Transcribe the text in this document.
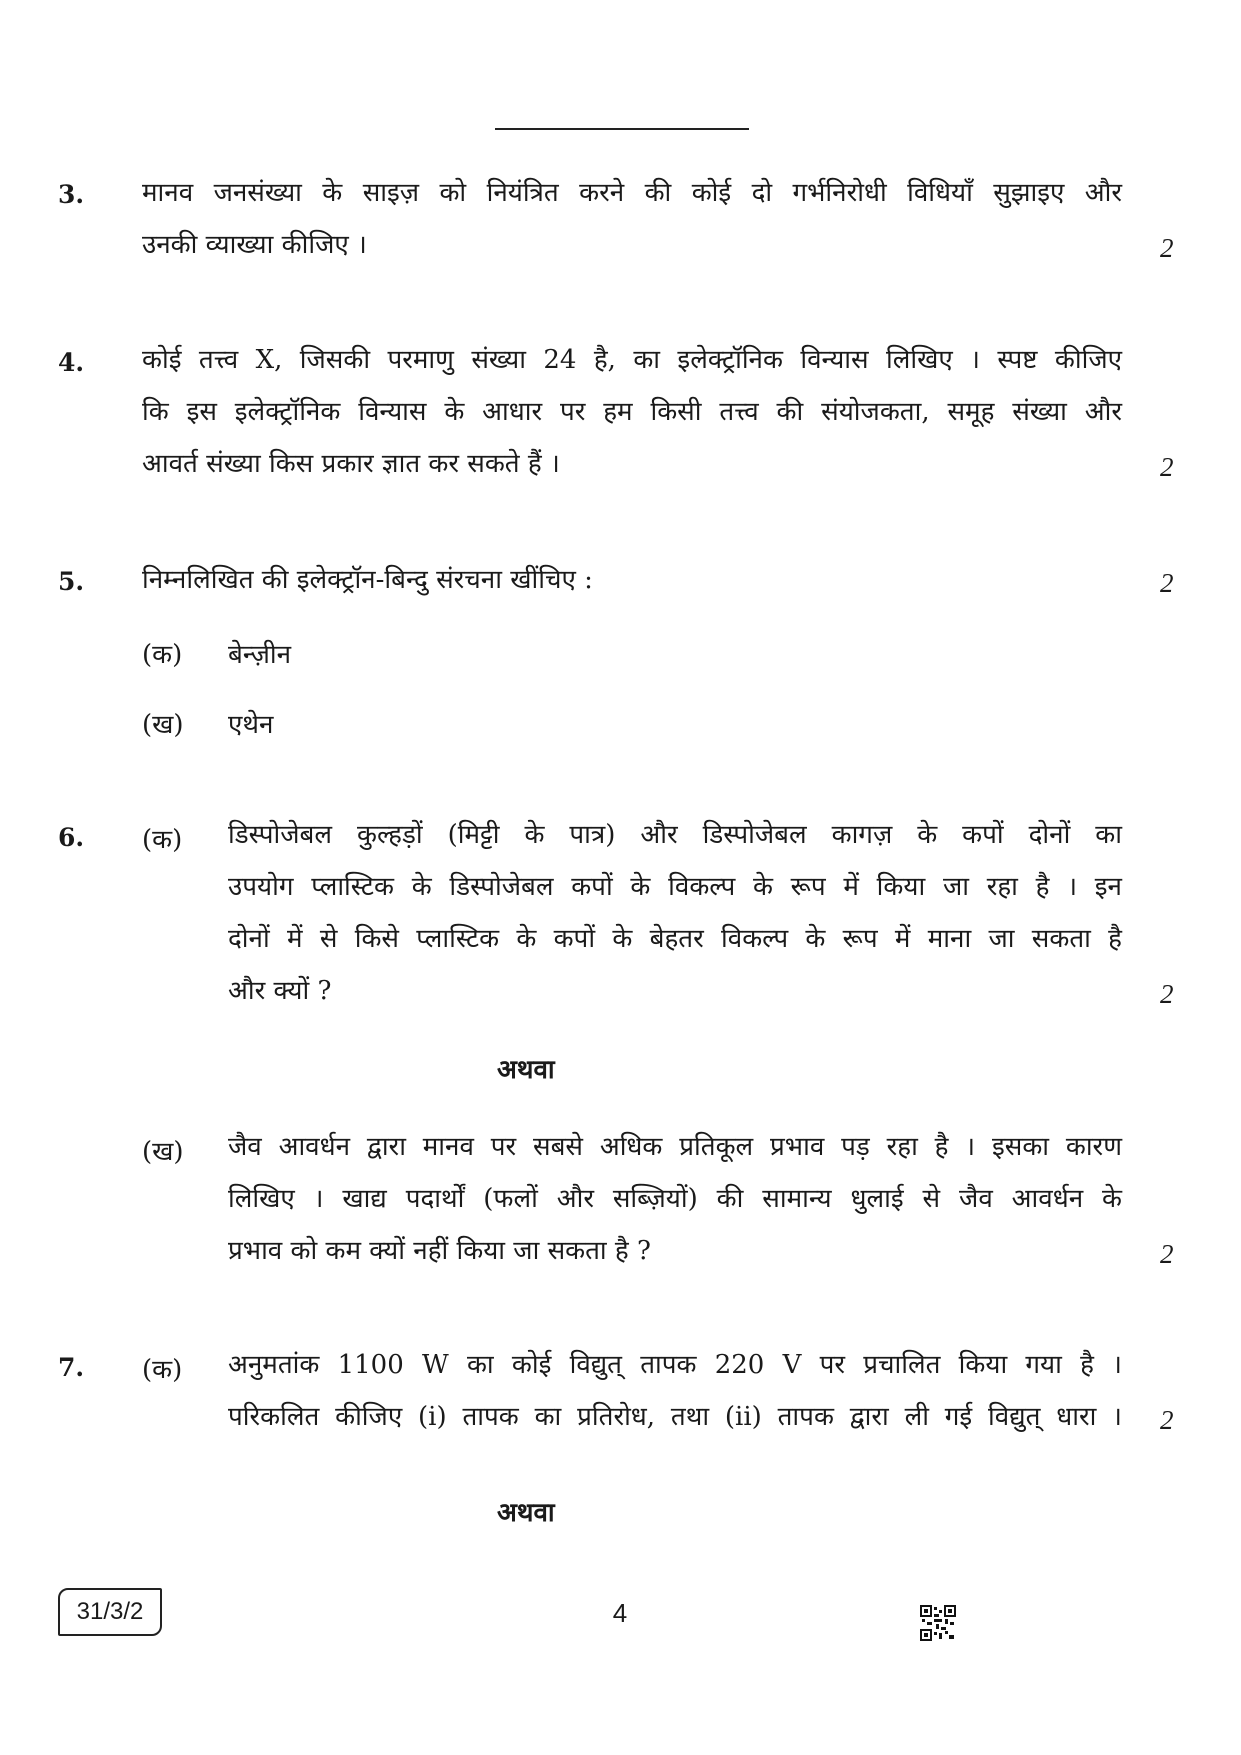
3.	मानव जनसंख्या के साइज़ को नियंत्रित करने की कोई दो गर्भनिरोधी विधियाँ सुझाइए और
उनकी व्याख्या कीजिए ।	2
4.	कोई तत्त्व X, जिसकी परमाणु संख्या 24 है, का इलेक्ट्रॉनिक विन्यास लिखिए । स्पष्ट कीजिए
कि इस इलेक्ट्रॉनिक विन्यास के आधार पर हम किसी तत्त्व की संयोजकता, समूह संख्या और
आवर्त संख्या किस प्रकार ज्ञात कर सकते हैं ।	2
5.	निम्नलिखित की इलेक्ट्रॉन-बिन्दु संरचना खींचिए :	2
(क) बेन्ज़ीन
(ख) एथेन
6.	(क) डिस्पोजेबल कुल्हड़ों (मिट्टी के पात्र) और डिस्पोजेबल कागज़ के कपों दोनों का
उपयोग प्लास्टिक के डिस्पोजेबल कपों के विकल्प के रूप में किया जा रहा है । इन
दोनों में से किसे प्लास्टिक के कपों के बेहतर विकल्प के रूप में माना जा सकता है
और क्यों ?	2
अथवा
(ख) जैव आवर्धन द्वारा मानव पर सबसे अधिक प्रतिकूल प्रभाव पड़ रहा है । इसका कारण
लिखिए । खाद्य पदार्थों (फलों और सब्ज़ियों) की सामान्य धुलाई से जैव आवर्धन के
प्रभाव को कम क्यों नहीं किया जा सकता है ?	2
7.	(क) अनुमतांक 1100 W का कोई विद्युत् तापक 220 V पर प्रचालित किया गया है ।
परिकलित कीजिए (i) तापक का प्रतिरोध, तथा (ii) तापक द्वारा ली गई विद्युत् धारा । 2
अथवा
31/3/2	4
